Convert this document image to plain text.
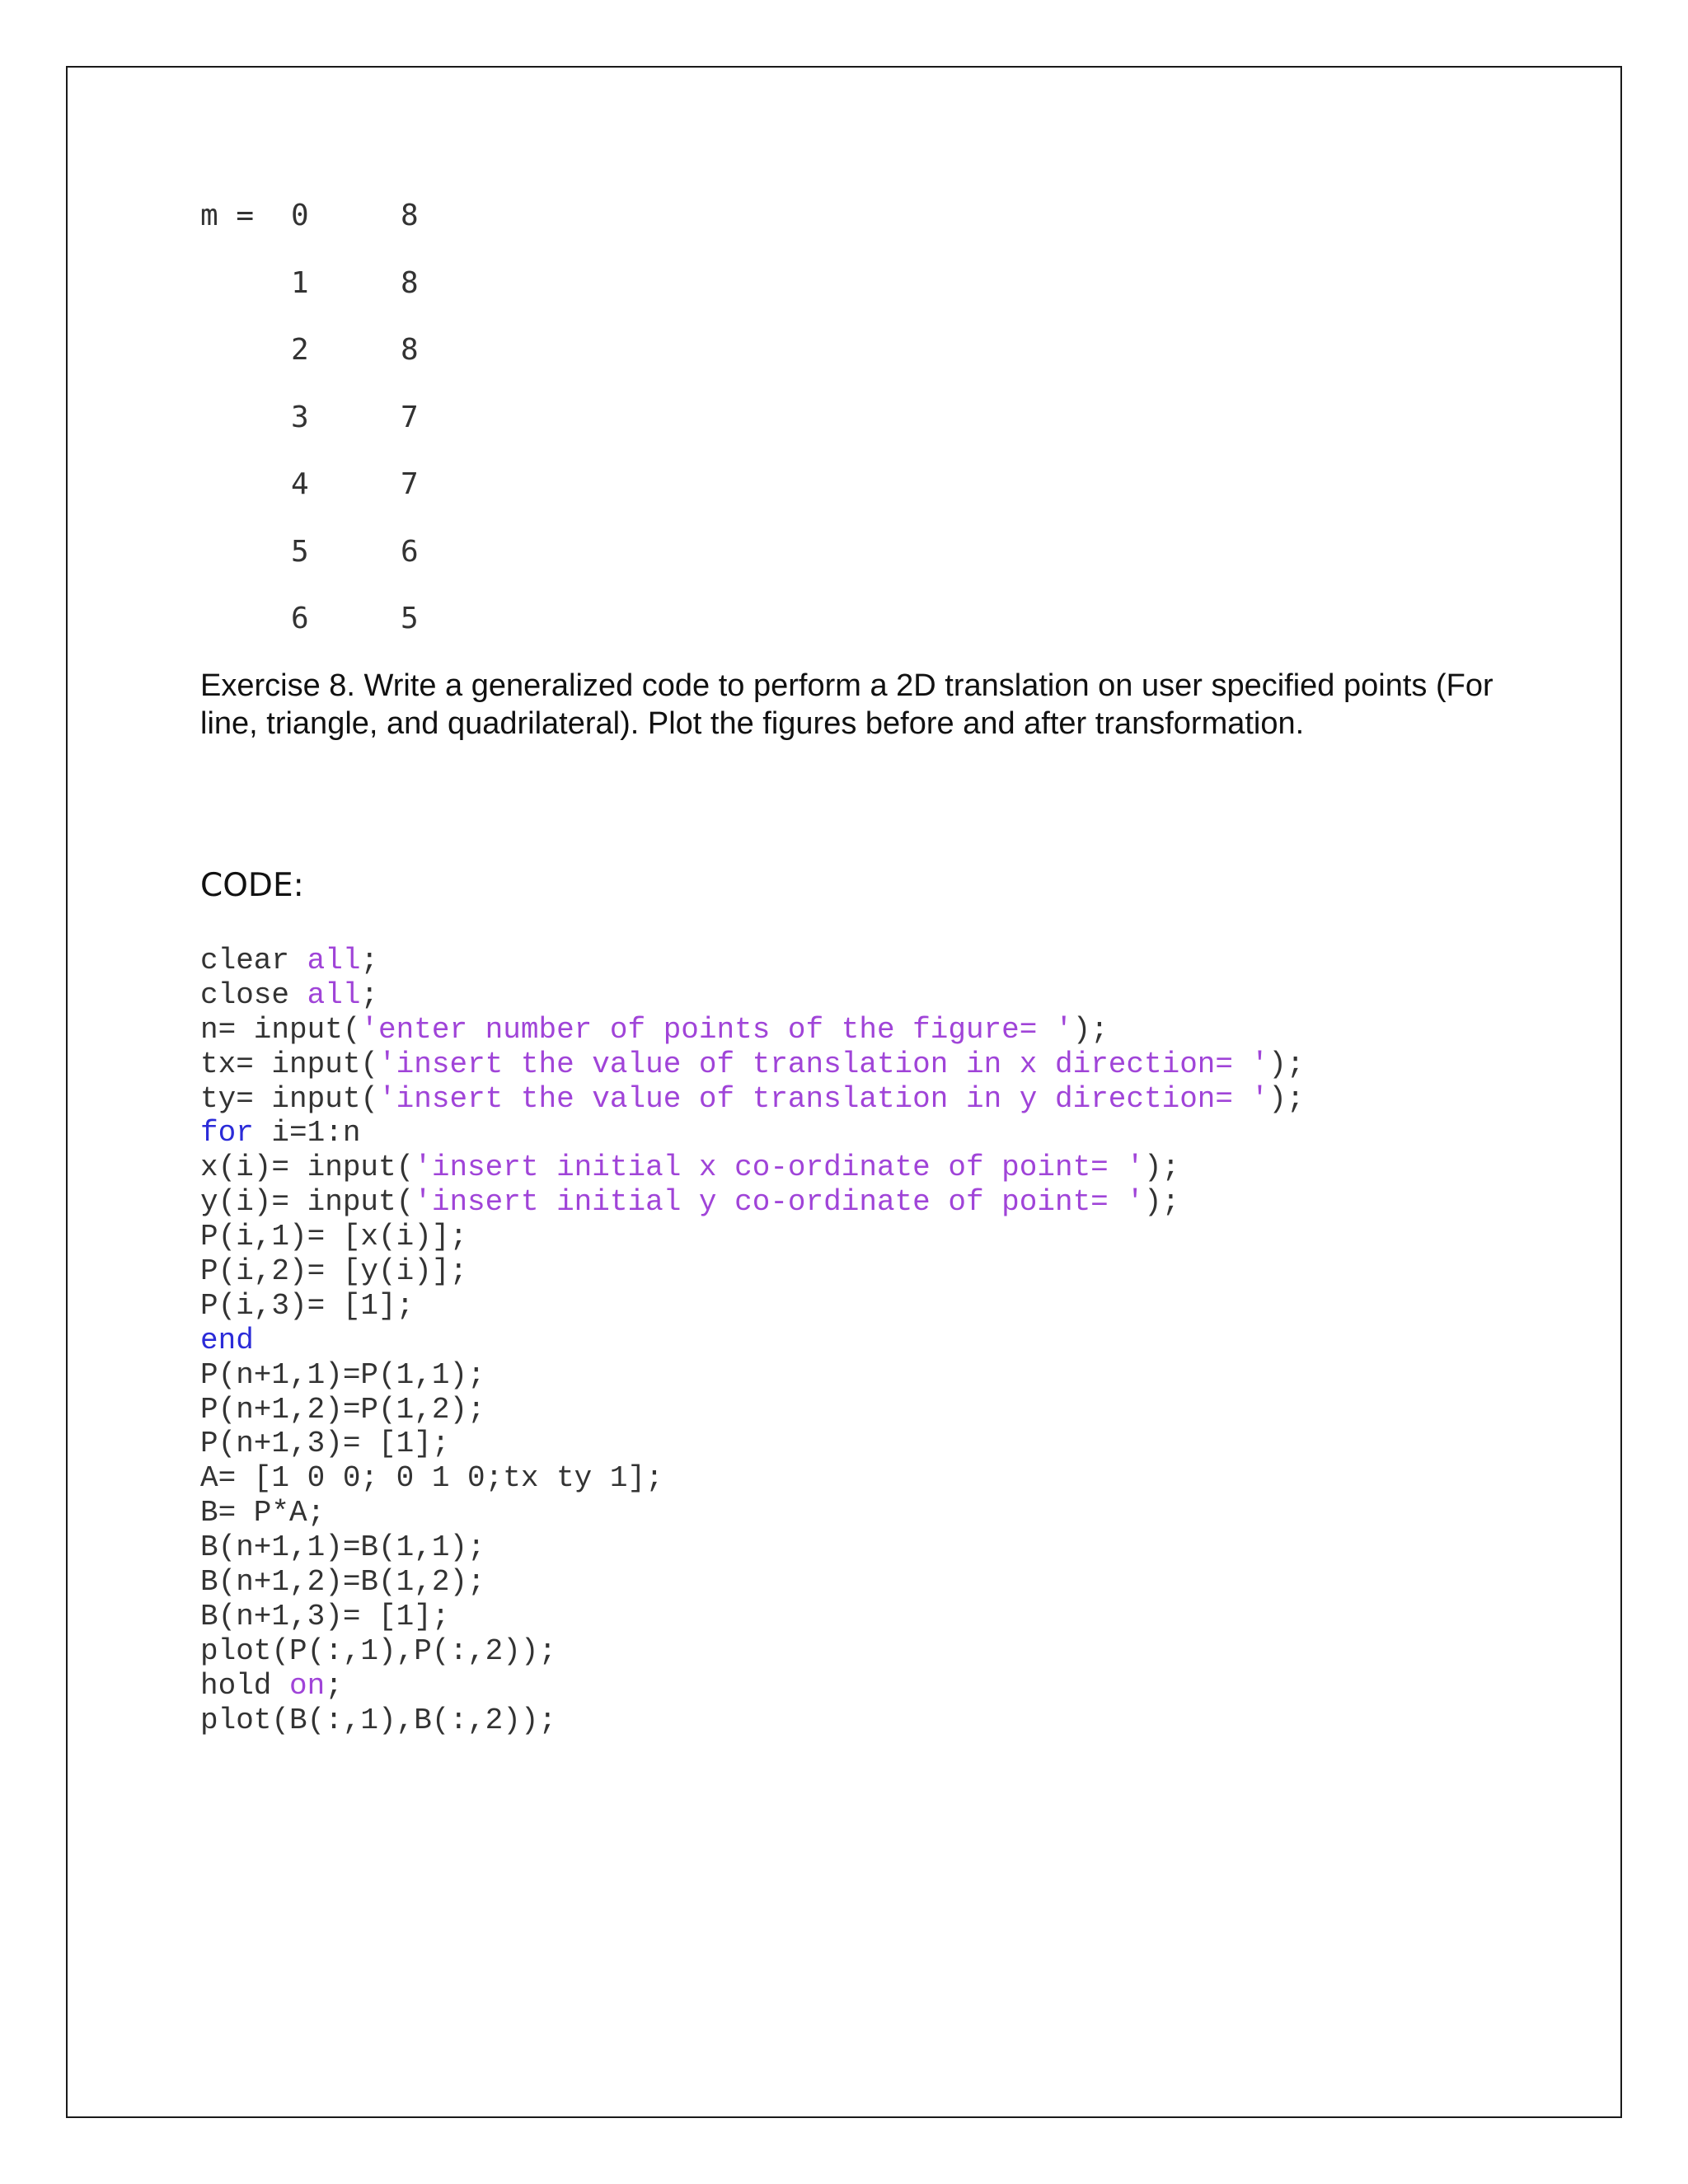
m = 0	8
1	8
2	8
3	7
4	7
5	6
6	5
Exercise 8. Write a generalized code to perform a 2D translation on user specified points (For line, triangle, and quadrilateral). Plot the figures before and after transformation.
CODE:
clear all;
close all;
n= input('enter number of points of the figure= ');
tx= input('insert the value of translation in x direction= ');
ty= input('insert the value of translation in y direction= ');
for i=1:n
x(i)= input('insert initial x co-ordinate of point= ');
y(i)= input('insert initial y co-ordinate of point= ');
P(i,1)= [x(i)];
P(i,2)= [y(i)];
P(i,3)= [1];
end
P(n+1,1)=P(1,1);
P(n+1,2)=P(1,2);
P(n+1,3)= [1];
A= [1 0 0; 0 1 0;tx ty 1];
B= P*A;
B(n+1,1)=B(1,1);
B(n+1,2)=B(1,2);
B(n+1,3)= [1];
plot(P(:,1),P(:,2));
hold on;
plot(B(:,1),B(:,2));
